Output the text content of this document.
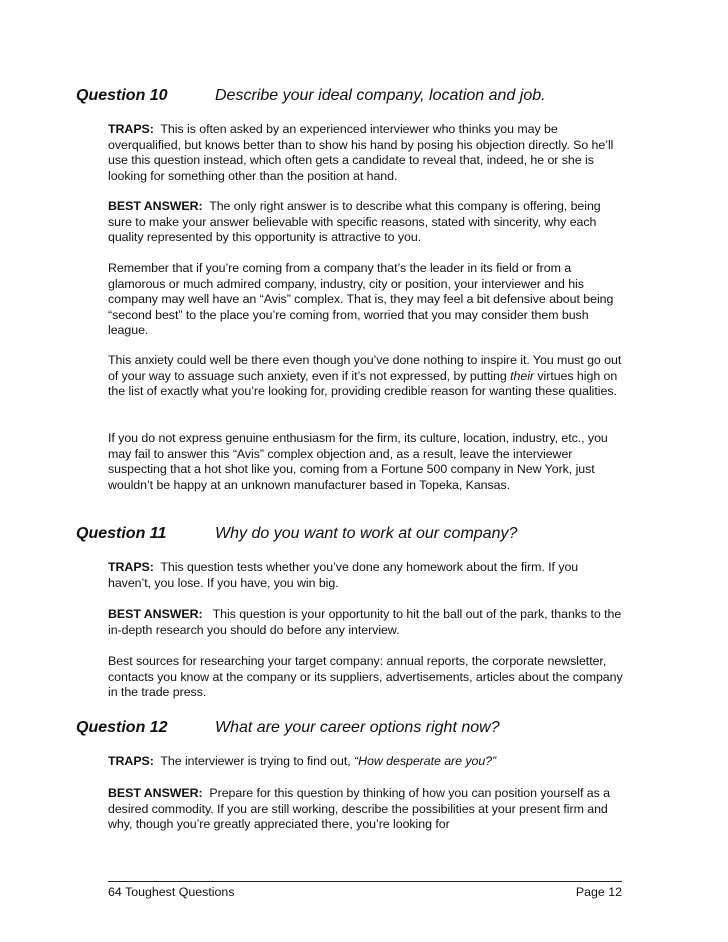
Question 10	Describe your ideal company, location and job.

TRAPS: This is often asked by an experienced interviewer who thinks you may be overqualified, but knows better than to show his hand by posing his objection directly. So he’ll use this question instead, which often gets a candidate to reveal that, indeed, he or she is looking for something other than the position at hand.

BEST ANSWER: The only right answer is to describe what this company is offering, being sure to make your answer believable with specific reasons, stated with sincerity, why each quality represented by this opportunity is attractive to you.

Remember that if you’re coming from a company that’s the leader in its field or from a glamorous or much admired company, industry, city or position, your interviewer and his company may well have an “Avis” complex. That is, they may feel a bit defensive about being “second best” to the place you’re coming from, worried that you may consider them bush league.

This anxiety could well be there even though you’ve done nothing to inspire it. You must go out of your way to assuage such anxiety, even if it’s not expressed, by putting their virtues high on the list of exactly what you’re looking for, providing credible reason for wanting these qualities.

If you do not express genuine enthusiasm for the firm, its culture, location, industry, etc., you may fail to answer this “Avis” complex objection and, as a result, leave the interviewer suspecting that a hot shot like you, coming from a Fortune 500 company in New York, just wouldn’t be happy at an unknown manufacturer based in Topeka, Kansas.

Question 11	Why do you want to work at our company?

TRAPS: This question tests whether you’ve done any homework about the firm. If you haven’t, you lose. If you have, you win big.

BEST ANSWER: This question is your opportunity to hit the ball out of the park, thanks to the in-depth research you should do before any interview.

Best sources for researching your target company: annual reports, the corporate newsletter, contacts you know at the company or its suppliers, advertisements, articles about the company in the trade press.

Question 12	What are your career options right now?

TRAPS: The interviewer is trying to find out, “How desperate are you?”

BEST ANSWER: Prepare for this question by thinking of how you can position yourself as a desired commodity. If you are still working, describe the possibilities at your present firm and why, though you’re greatly appreciated there, you’re looking for

64 Toughest Questions	Page 12
